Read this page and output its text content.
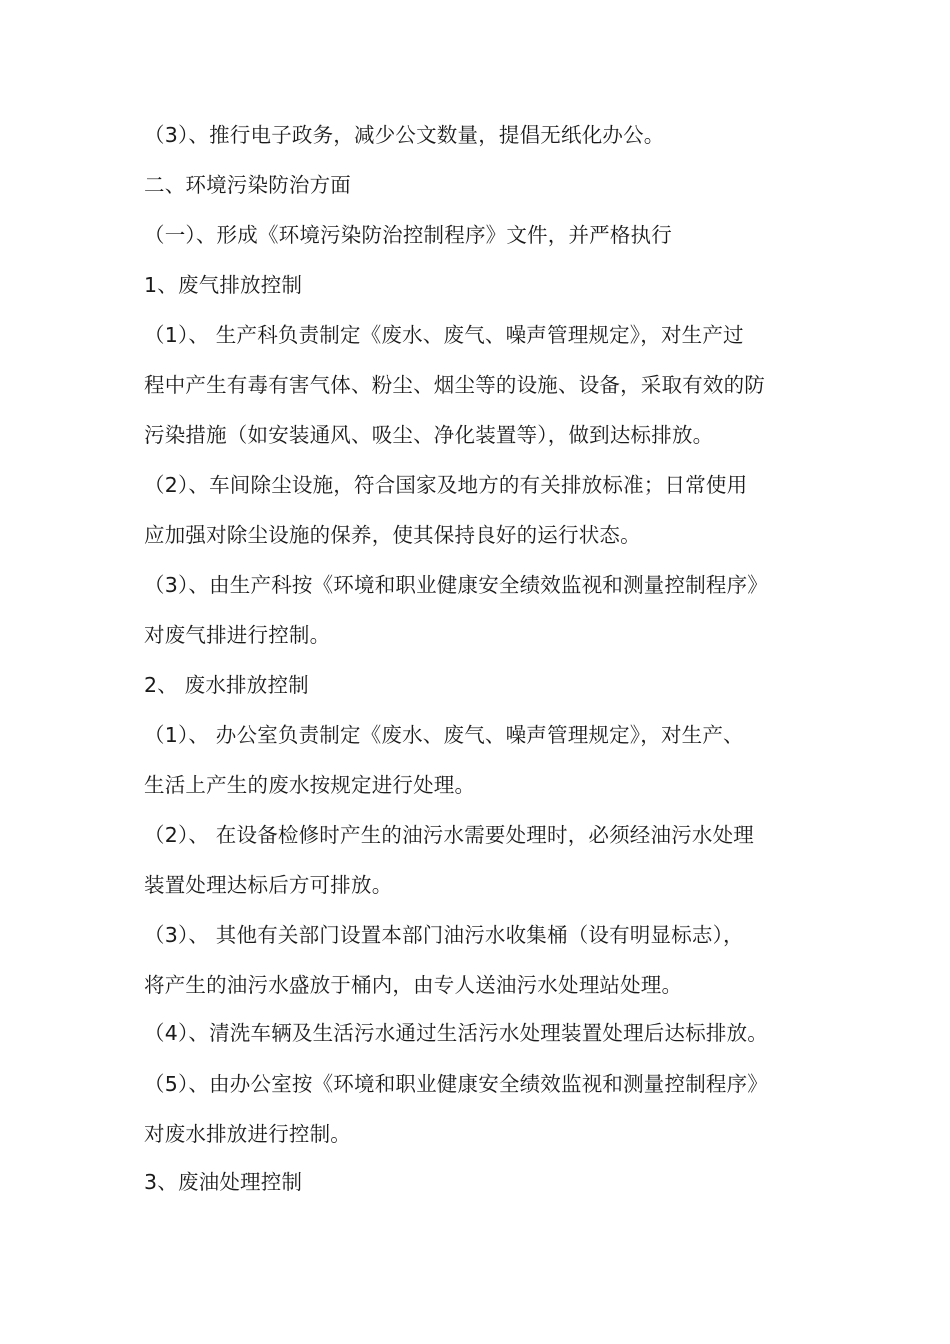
（3）、推行电子政务，减少公文数量，提倡无纸化办公。
二、环境污染防治方面
（一）、形成《环境污染防治控制程序》文件，并严格执行
1、废气排放控制
（1）、 生产科负责制定《废水、废气、噪声管理规定》，对生产过
程中产生有毒有害气体、粉尘、烟尘等的设施、设备，采取有效的防
污染措施（如安装通风、吸尘、净化装置等），做到达标排放。
（2）、车间除尘设施，符合国家及地方的有关排放标准；日常使用
应加强对除尘设施的保养，使其保持良好的运行状态。
（3）、由生产科按《环境和职业健康安全绩效监视和测量控制程序》
对废气排进行控制。
2、 废水排放控制
（1）、 办公室负责制定《废水、废气、噪声管理规定》，对生产、
生活上产生的废水按规定进行处理。
（2）、 在设备检修时产生的油污水需要处理时，必须经油污水处理
装置处理达标后方可排放。
（3）、 其他有关部门设置本部门油污水收集桶（设有明显标志），
将产生的油污水盛放于桶内，由专人送油污水处理站处理。
（4）、清洗车辆及生活污水通过生活污水处理装置处理后达标排放。
（5）、由办公室按《环境和职业健康安全绩效监视和测量控制程序》
对废水排放进行控制。
3、废油处理控制
